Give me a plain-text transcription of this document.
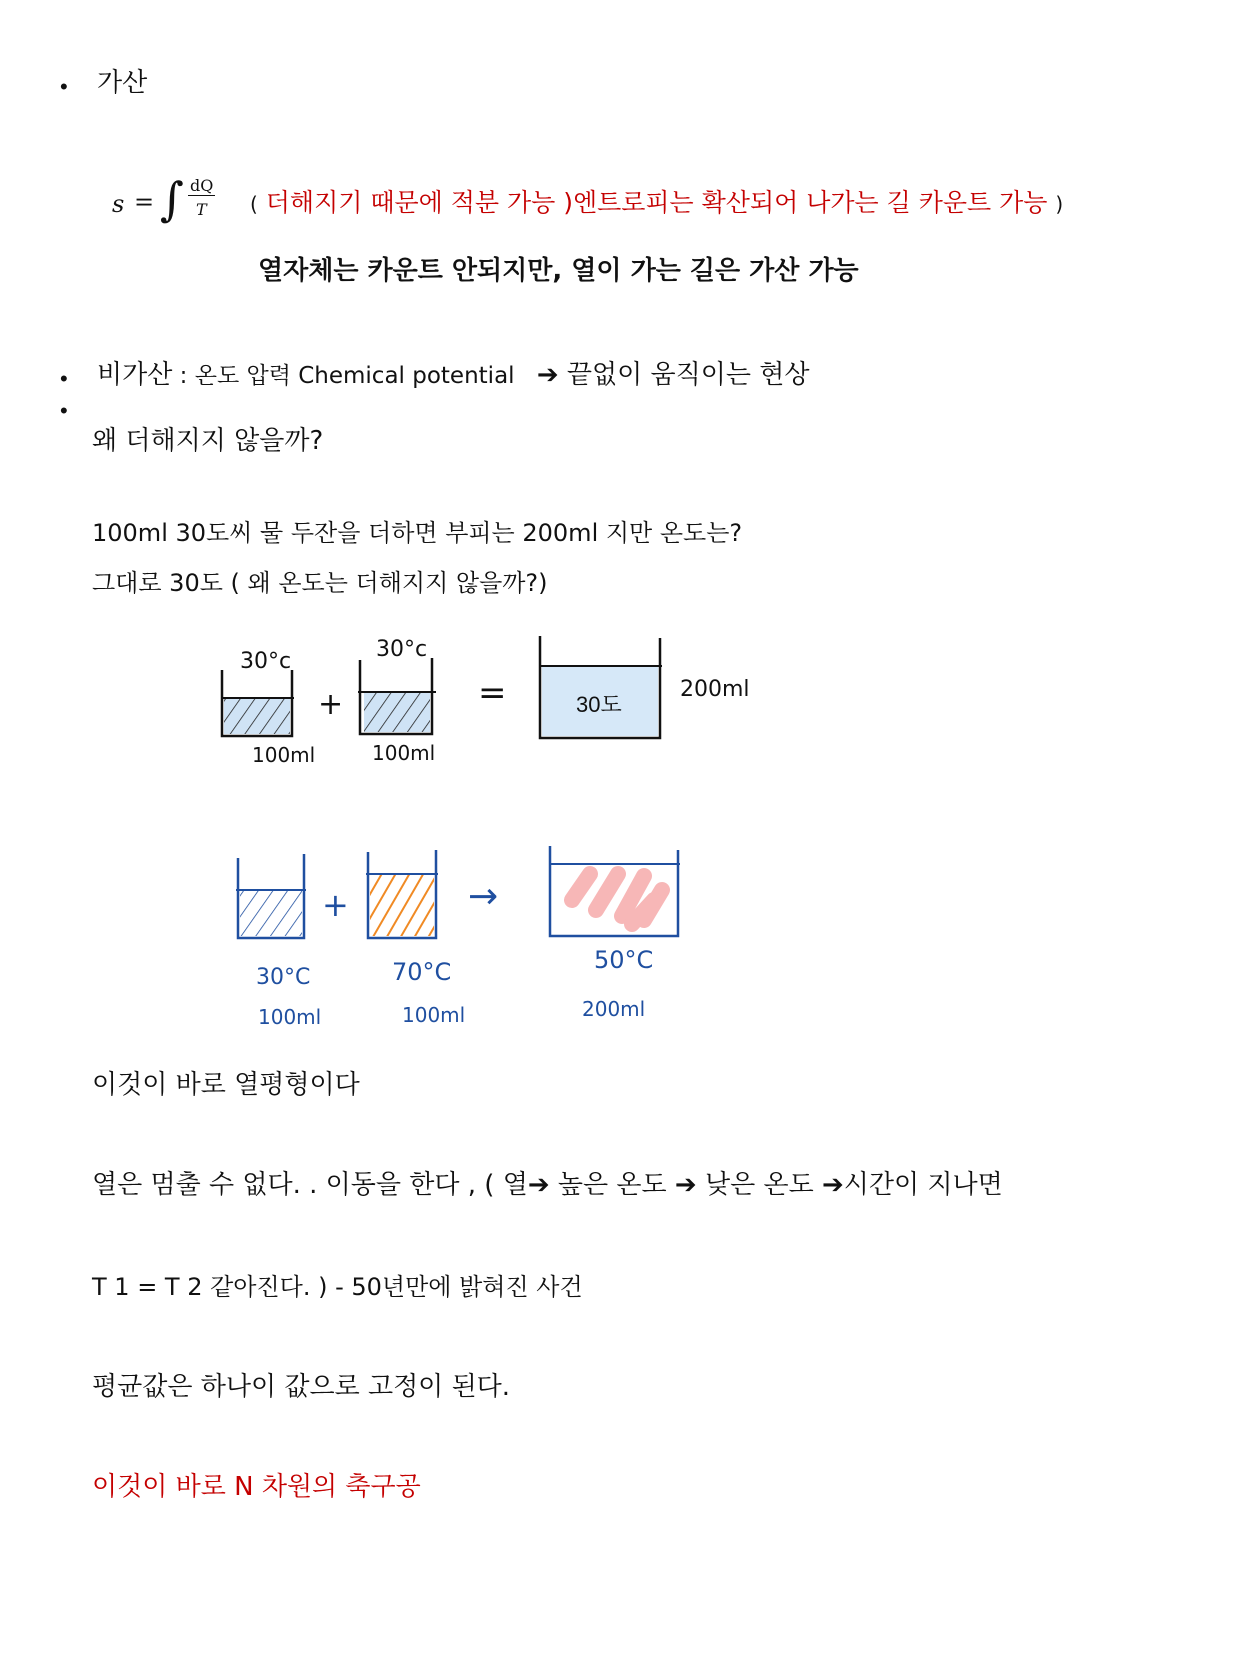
• 가산
s = ∫ dQ
T ( 더해지기 때문에 적분 가능 )엔트로피는 확산되어 나가는 길 카운트 가능 )
열자체는 카운트 안되지만, 열이 가는 길은 가산 가능
• 비가산 : 온도 압력 Chemical potential ➔ 끝없이 움직이는 현상
•
왜 더해지지 않을까?
100ml 30도씨 물 두잔을 더하면 부피는 200ml 지만 온도는?
그대로 30도 ( 왜 온도는 더해지지 않을까?)
30°c
100ml
+
30°c
100ml
=	30도
200ml
30°C
100ml
+
70°C
100ml
→
50°C
200ml
이것이 바로 열평형이다
열은 멈출 수 없다. . 이동을 한다 , ( 열➔ 높은 온도 ➔ 낮은 온도 ➔시간이 지나면
T 1 = T 2 같아진다. ) - 50년만에 밝혀진 사건
평균값은 하나이 값으로 고정이 된다.
이것이 바로 N 차원의 축구공
